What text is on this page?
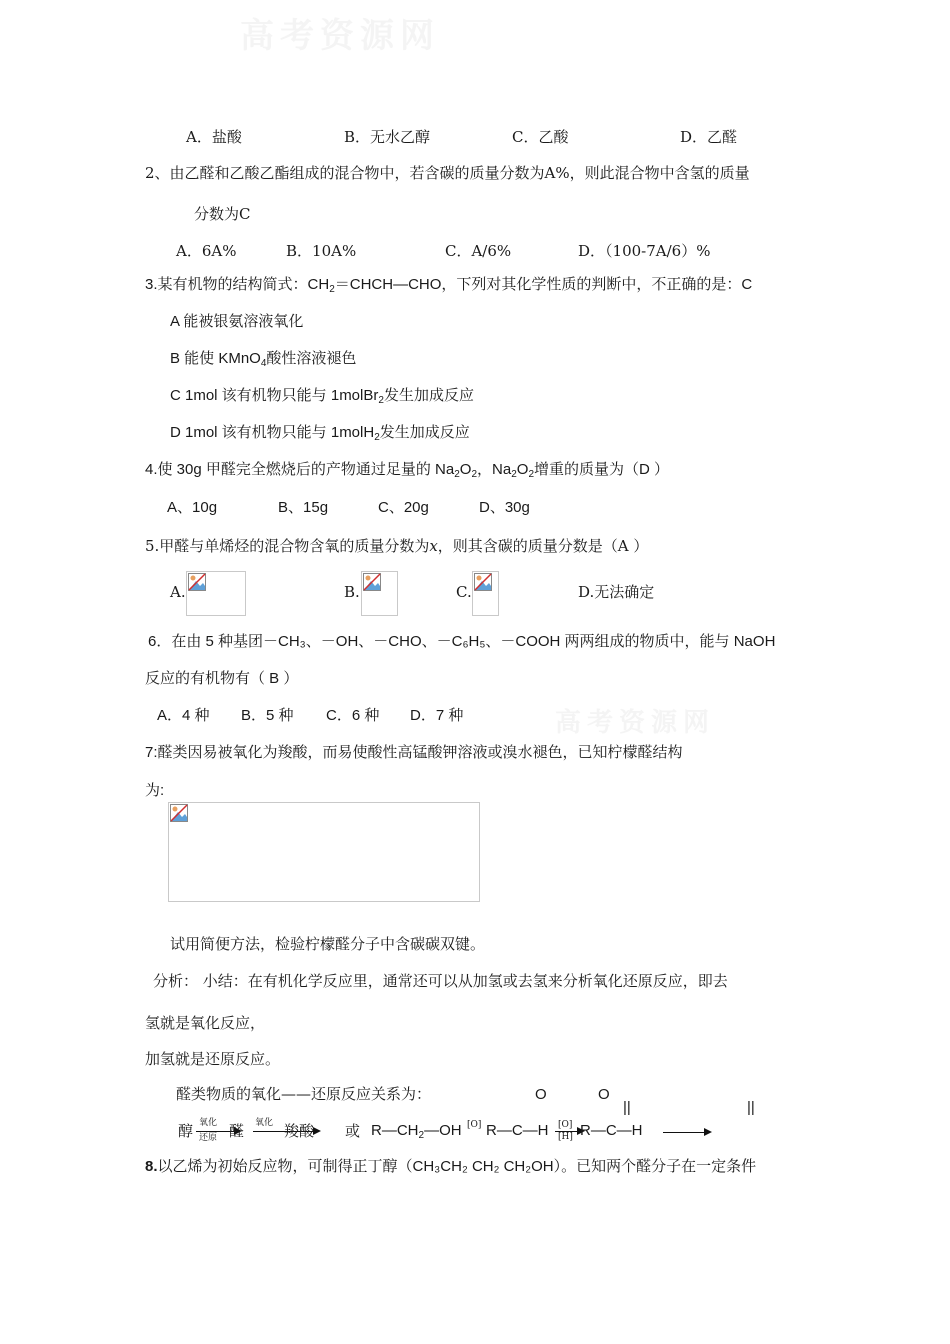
高考资源网
高考资源网
A．盐酸	B．无水乙醇	C．乙酸	D．乙醛
2、由乙醛和乙酸乙酯组成的混合物中，若含碳的质量分数为A%，则此混合物中含氢的质量
分数为C
A．6A%	B．10A%	C．A/6%	D．（100-7A/6）%
3.某有机物的结构简式：$CH_2=CHCH—CHO$，下列对其化学性质的判断中，不正确的是：C
A 能被银氨溶液氧化
B 能使 KMnO$_4$酸性溶液褪色
C 1mol 该有机物只能与 1molBr$_2$发生加成反应
D 1mol 该有机物只能与 1molH$_2$发生加成反应
4.使 30g 甲醛完全燃烧后的产物通过足量的 $Na_2O_2$，$Na_2O_2$增重的质量为（D ）
A、10g	B、15g	C、20g	D、30g
5.甲醛与单烯烃的混合物含氧的质量分数为x，则其含碳的质量分数是（A ）
A.	B.	C.	D.无法确定
6．在由 5 种基团－CH₃、－OH、－CHO、－C₆H₅、－COOH 两两组成的物质中，能与 NaOH
反应的有机物有（ B ）
A．4 种 B．5 种 C．6 种 D．7 种
7:醛类因易被氧化为羧酸，而易使酸性高锰酸钾溶液或溴水褪色，已知柠檬醛结构
为:
试用简便方法，检验柠檬醛分子中含碳碳双键。
分析： 小结：在有机化学反应里，通常还可以从加氢或去氢来分析氧化还原反应，即去
氢就是氧化反应，
加氢就是还原反应。
醛类物质的氧化——还原反应关系为：	O	O
||	||
醇 氧化
还原 醛 氧化 羧酸 或 $R—CH_2—OH$ [O] R—C—H [O]
[H] R—C—H
8.以乙烯为初始反应物，可制得正丁醇（CH₃CH₂ CH₂ CH₂OH）。已知两个醛分子在一定条件
